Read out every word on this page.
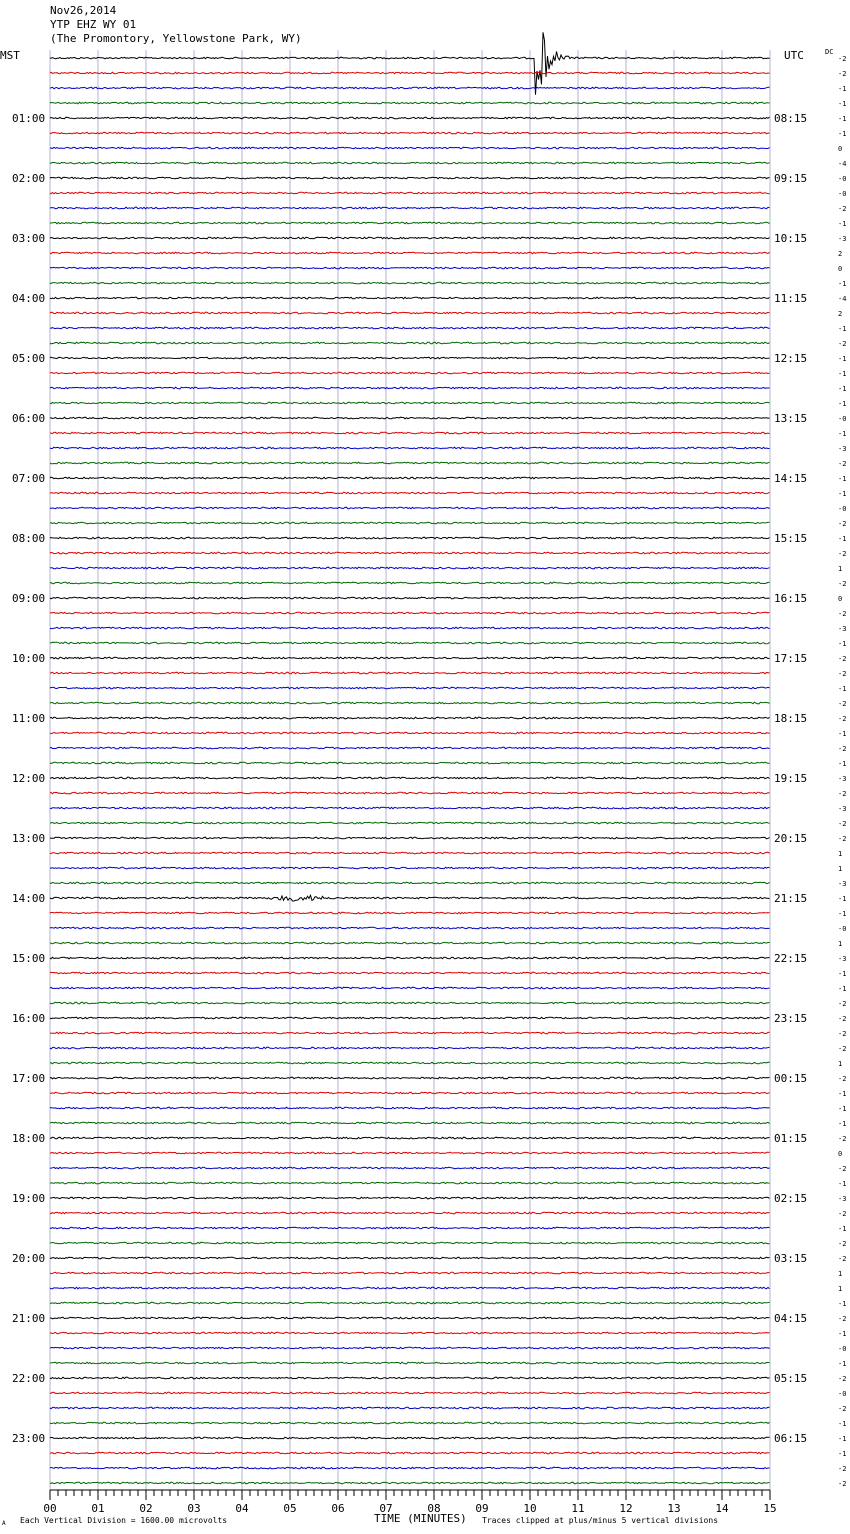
Nov26,2014
YTP EHZ WY 01
(The Promontory, Yellowstone Park, WY)
MST	UTC	DC
-2
-2
-1
-1
-1
-1
0
-4
-0
-0
-2
-1
-3
2
0
-1
-4
2
-1
-2
-1
-1
-1
-1
-0
-1
-3
-2
-1
-1
-0
-2
-1
-2
1
-2
0
-2
-3
-1
-2
-2
-1
-2
-2
-1
-2
-1
-3
-2
-3
-2
-2
1
1
-3
-1
-1
-0
1
-3
-1
-1
-2
-2
-2
-2
1
-2
-1
-1
-1
-2
0
-2
-1
-3
-2
-1
-2
-2
1
1
-1
-2
-1
-0
-1
-2
-0
-2
-1
-1
-1
-2
-2
01:00
02:00
03:00
04:00
05:00
06:00
07:00
08:00
09:00
10:00
11:00
12:00
13:00
14:00
15:00
16:00
17:00
18:00
19:00
20:00
21:00
22:00
23:00
08:15
09:15
10:15
11:15
12:15
13:15
14:15
15:15
16:15
17:15
18:15
19:15
20:15
21:15
22:15
23:15
00:15
01:15
02:15
03:15
04:15
05:15
06:15
00	01	02	03	04	05	06	07	08	09	10	11	12	13	14	15
A Each Vertical Division = 1600.00 microvolts	TIME (MINUTES) Traces clipped at plus/minus 5 vertical divisions
